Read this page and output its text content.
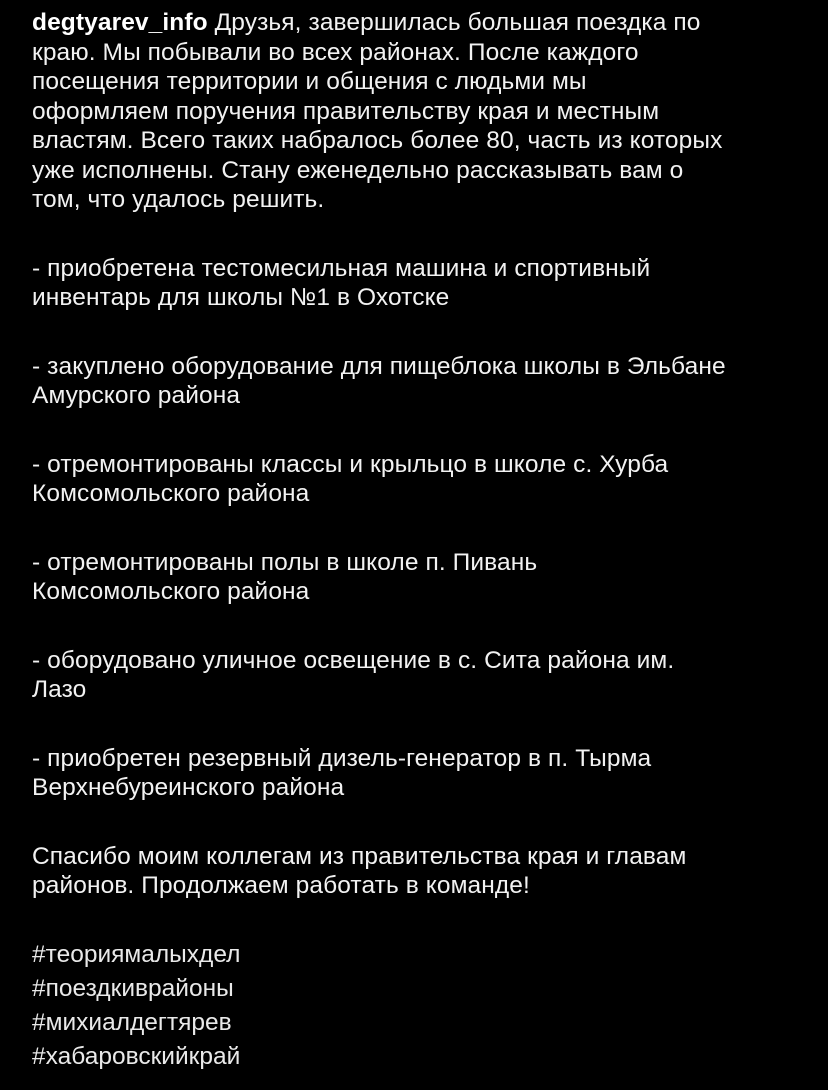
degtyarev_info Друзья, завершилась большая поездка по
краю. Мы побывали во всех районах. После каждого
посещения территории и общения с людьми мы
оформляем поручения правительству края и местным
властям. Всего таких набралось более 80, часть из которых
уже исполнены. Стану еженедельно рассказывать вам о
том, что удалось решить.
- приобретена тестомесильная машина и спортивный
инвентарь для школы №1 в Охотске
- закуплено оборудование для пищеблока школы в Эльбане
Амурского района
- отремонтированы классы и крыльцо в школе с. Хурба
Комсомольского района
- отремонтированы полы в школе п. Пивань
Комсомольского района
- оборудовано уличное освещение в с. Сита района им.
Лазо
- приобретен резервный дизель-генератор в п. Тырма
Верхнебуреинского района
Спасибо моим коллегам из правительства края и главам
районов. Продолжаем работать в команде!
#теориямалыхдел
#поездкиврайоны
#михиалдегтярев
#хабаровскийкрай
